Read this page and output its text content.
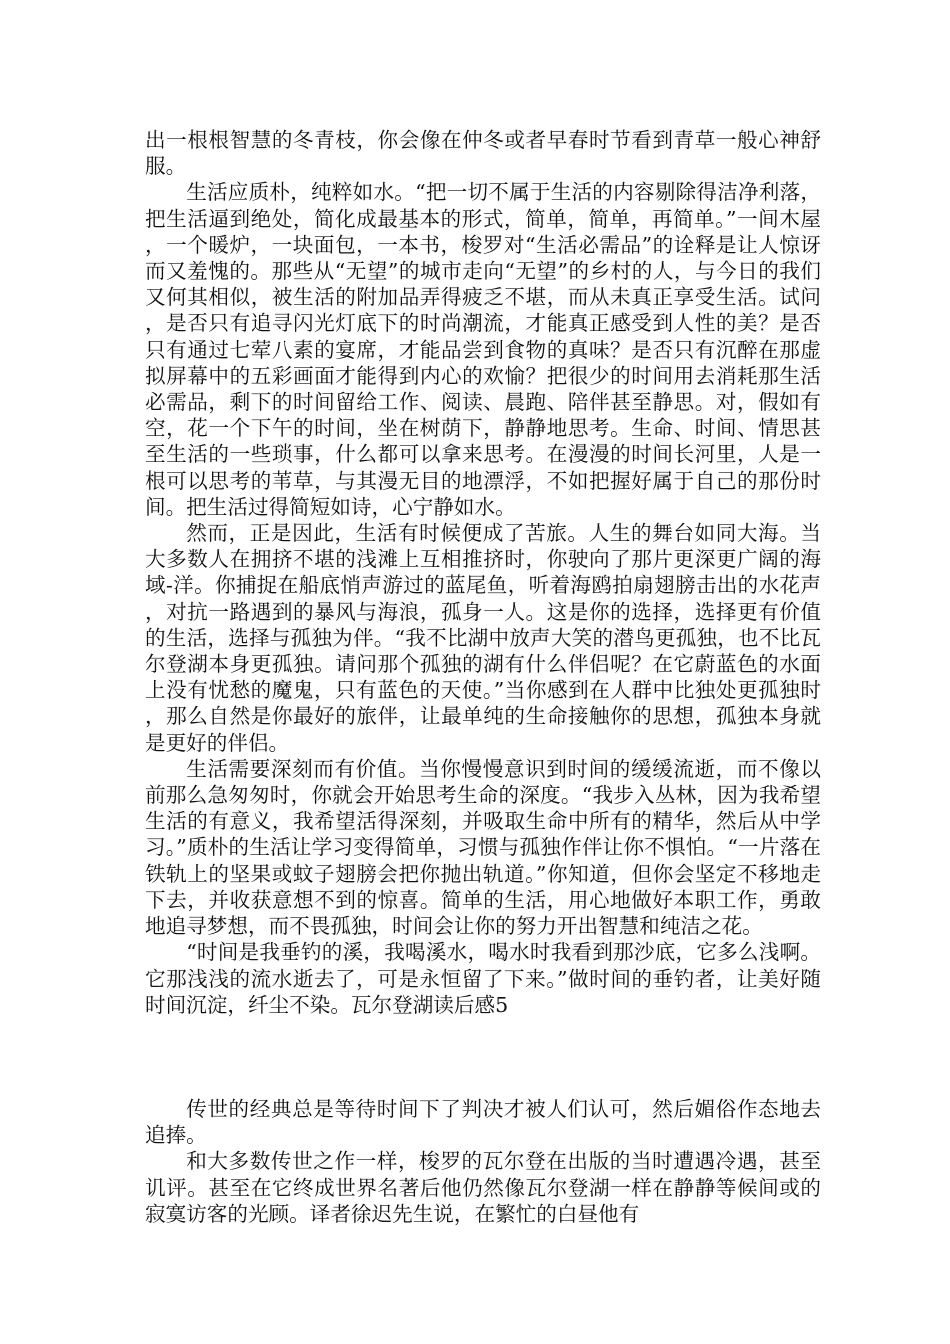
出一根根智慧的冬青枝，你会像在仲冬或者早春时节看到青草一般心神舒服。

生活应质朴，纯粹如水。“把一切不属于生活的内容剔除得洁净利落，把生活逼到绝处，简化成最基本的形式，简单，简单，再简单。”一间木屋，一个暖炉，一块面包，一本书，梭罗对“生活必需品”的诠释是让人惊讶而又羞愧的。那些从“无望”的城市走向“无望”的乡村的人，与今日的我们又何其相似，被生活的附加品弄得疲乏不堪，而从未真正享受生活。试问，是否只有追寻闪光灯底下的时尚潮流，才能真正感受到人性的美？是否只有通过七荤八素的宴席，才能品尝到食物的真味？是否只有沉醉在那虚拟屏幕中的五彩画面才能得到内心的欢愉？把很少的时间用去消耗那生活必需品，剩下的时间留给工作、阅读、晨跑、陪伴甚至静思。对，假如有空，花一个下午的时间，坐在树荫下，静静地思考。生命、时间、情思甚至生活的一些琐事，什么都可以拿来思考。在漫漫的时间长河里，人是一根可以思考的苇草，与其漫无目的地漂浮，不如把握好属于自己的那份时间。把生活过得简短如诗，心宁静如水。

然而，正是因此，生活有时候便成了苦旅。人生的舞台如同大海。当大多数人在拥挤不堪的浅滩上互相推挤时，你驶向了那片更深更广阔的海域-洋。你捕捉在船底悄声游过的蓝尾鱼，听着海鸥拍扇翅膀击出的水花声，对抗一路遇到的暴风与海浪，孤身一人。这是你的选择，选择更有价值的生活，选择与孤独为伴。“我不比湖中放声大笑的潜鸟更孤独，也不比瓦尔登湖本身更孤独。请问那个孤独的湖有什么伴侣呢？在它蔚蓝色的水面上没有忧愁的魔鬼，只有蓝色的天使。”当你感到在人群中比独处更孤独时，那么自然是你最好的旅伴，让最单纯的生命接触你的思想，孤独本身就是更好的伴侣。

生活需要深刻而有价值。当你慢慢意识到时间的缓缓流逝，而不像以前那么急匆匆时，你就会开始思考生命的深度。“我步入丛林，因为我希望生活的有意义，我希望活得深刻，并吸取生命中所有的精华，然后从中学习。”质朴的生活让学习变得简单，习惯与孤独作伴让你不惧怕。“一片落在铁轨上的坚果或蚊子翅膀会把你抛出轨道。”你知道，但你会坚定不移地走下去，并收获意想不到的惊喜。简单的生活，用心地做好本职工作，勇敢地追寻梦想，而不畏孤独，时间会让你的努力开出智慧和纯洁之花。

“时间是我垂钓的溪，我喝溪水，喝水时我看到那沙底，它多么浅啊。它那浅浅的流水逝去了，可是永恒留了下来。”做时间的垂钓者，让美好随时间沉淀，纤尘不染。瓦尔登湖读后感5

传世的经典总是等待时间下了判决才被人们认可，然后媚俗作态地去追捧。

和大多数传世之作一样，梭罗的瓦尔登在出版的当时遭遇冷遇，甚至讥评。甚至在它终成世界名著后他仍然像瓦尔登湖一样在静静等候间或的寂寞访客的光顾。译者徐迟先生说，在繁忙的白昼他有
